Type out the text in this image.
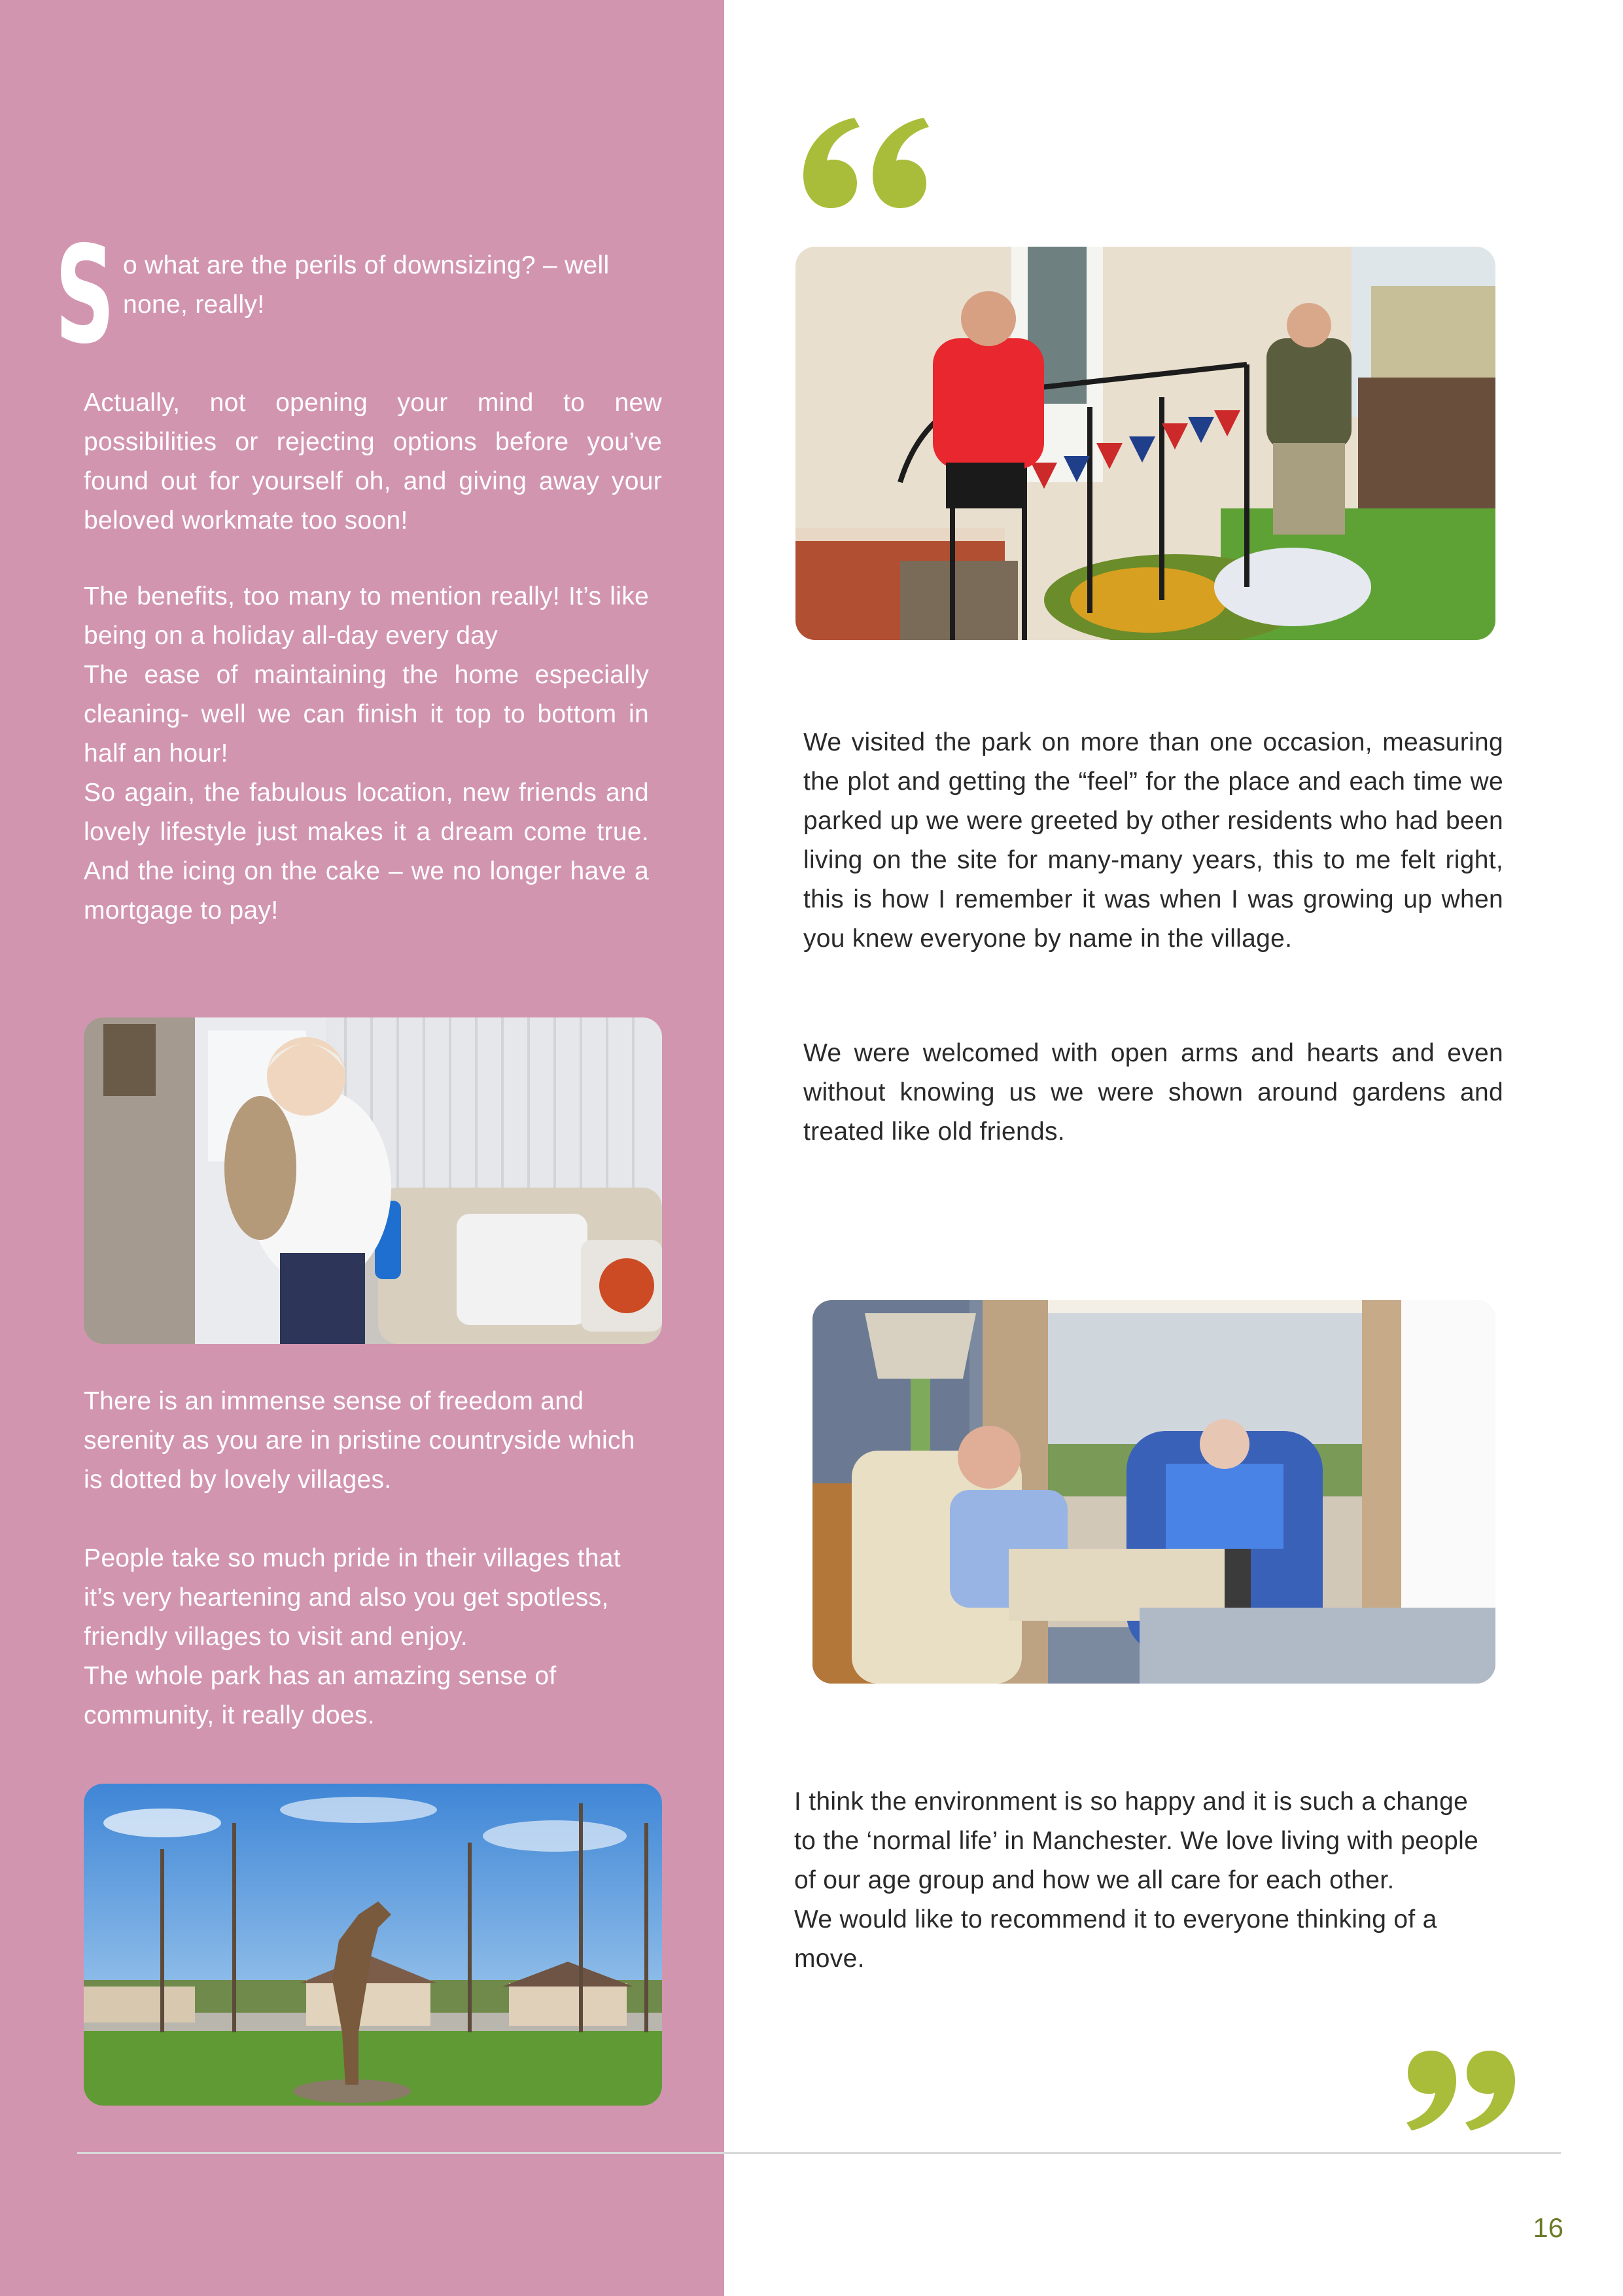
S o what are the perils of downsizing? – well none, really!

Actually, not opening your mind to new possibilities or rejecting options before you’ve found out for yourself oh, and giving away your beloved workmate too soon!

The benefits, too many to mention really! It’s like being on a holiday all-day every day

The ease of maintaining the home especially cleaning- well we can finish it top to bottom in half an hour!

So again, the fabulous location, new friends and lovely lifestyle just makes it a dream come true. And the icing on the cake – we no longer have a mortgage to pay!

There is an immense sense of freedom and serenity as you are in pristine countryside which is dotted by lovely villages.

People take so much pride in their villages that it’s very heartening and also you get spotless, friendly villages to visit and enjoy.

The whole park has an amazing sense of community, it really does.

We visited the park on more than one occasion, measuring the plot and getting the “feel” for the place and each time we parked up we were greeted by other residents who had been living on the site for many-many years, this to me felt right, this is how I remember it was when I was growing up when you knew everyone by name in the village.

We were welcomed with open arms and hearts and even without knowing us we were shown around gardens and treated like old friends.

I think the environment is so happy and it is such a change to the ‘normal life’ in Manchester. We love living with people of our age group and how we all care for each other.

We would like to recommend it to everyone thinking of a move.

16
